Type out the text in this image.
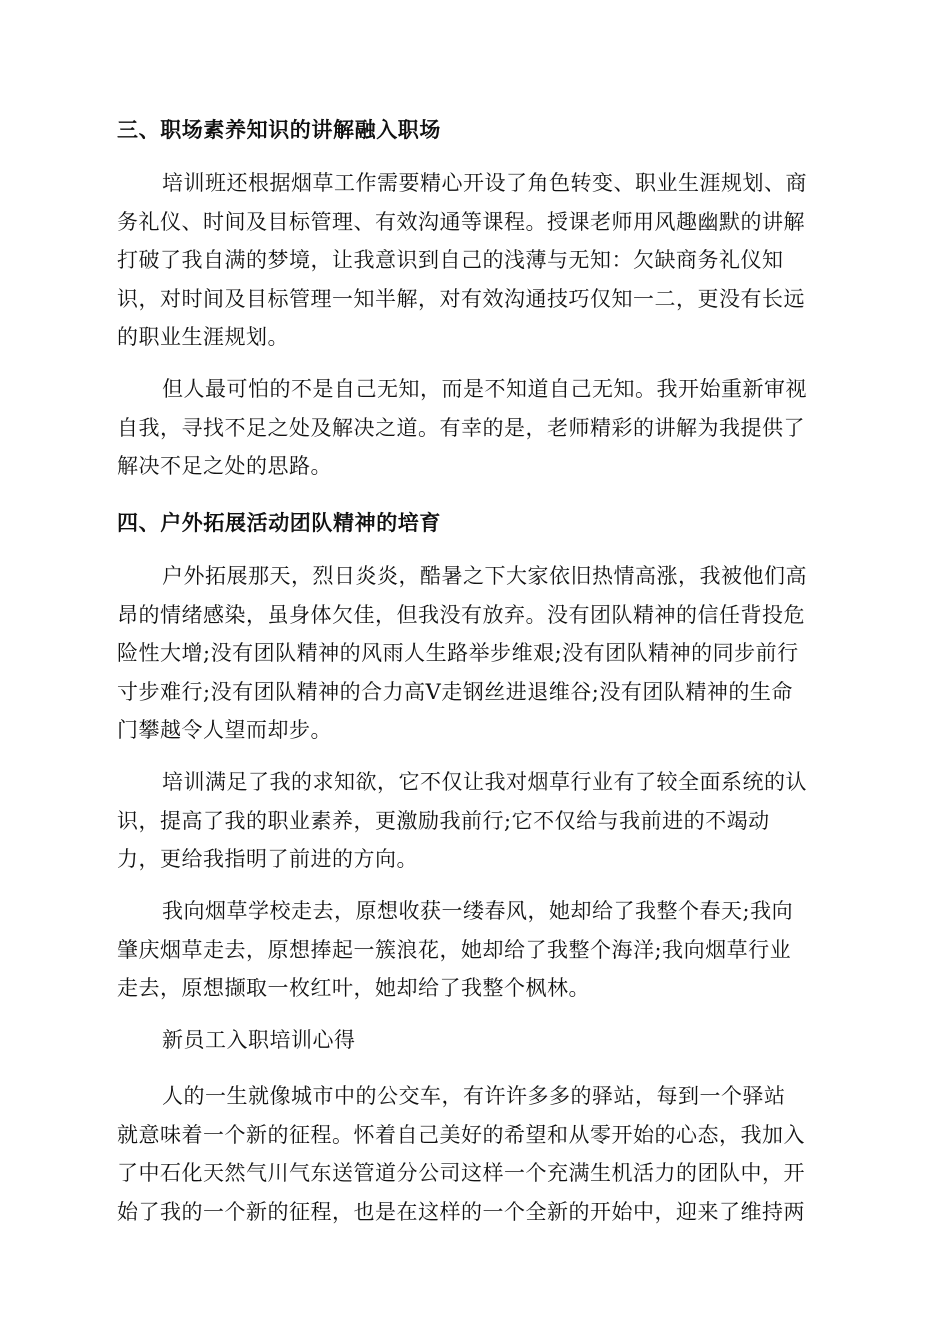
三、职场素养知识的讲解融入职场
培训班还根据烟草工作需要精心开设了角色转变、职业生涯规划、商
务礼仪、时间及目标管理、有效沟通等课程。授课老师用风趣幽默的讲解
打破了我自满的梦境，让我意识到自己的浅薄与无知：欠缺商务礼仪知
识，对时间及目标管理一知半解，对有效沟通技巧仅知一二，更没有长远
的职业生涯规划。
但人最可怕的不是自己无知，而是不知道自己无知。我开始重新审视
自我，寻找不足之处及解决之道。有幸的是，老师精彩的讲解为我提供了
解决不足之处的思路。
四、户外拓展活动团队精神的培育
户外拓展那天，烈日炎炎，酷暑之下大家依旧热情高涨，我被他们高
昂的情绪感染，虽身体欠佳，但我没有放弃。没有团队精神的信任背投危
险性大增;没有团队精神的风雨人生路举步维艰;没有团队精神的同步前行
寸步难行;没有团队精神的合力高Ⅴ走钢丝进退维谷;没有团队精神的生命
门攀越令人望而却步。
培训满足了我的求知欲，它不仅让我对烟草行业有了较全面系统的认
识，提高了我的职业素养，更激励我前行;它不仅给与我前进的不竭动
力，更给我指明了前进的方向。
我向烟草学校走去，原想收获一缕春风，她却给了我整个春天;我向
肇庆烟草走去，原想捧起一簇浪花，她却给了我整个海洋;我向烟草行业
走去，原想撷取一枚红叶，她却给了我整个枫林。
新员工入职培训心得
人的一生就像城市中的公交车，有许许多多的驿站，每到一个驿站
就意味着一个新的征程。怀着自己美好的希望和从零开始的心态，我加入
了中石化天然气川气东送管道分公司这样一个充满生机活力的团队中，开
始了我的一个新的征程，也是在这样的一个全新的开始中，迎来了维持两
